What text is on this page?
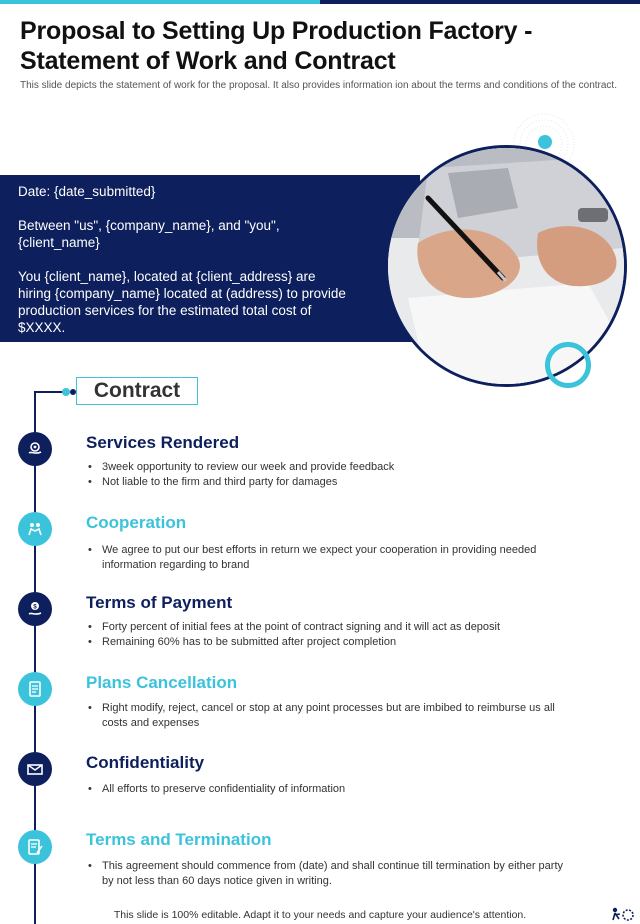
Proposal to Setting Up Production Factory -
Statement of Work and Contract
This slide depicts the statement of work for the proposal. It also provides information ion about the terms and conditions of the contract.
Date: {date_submitted}
Between "us", {company_name}, and "you", {client_name}
You {client_name}, located at {client_address} are hiring {company_name} located at (address) to provide production services for the estimated total cost of $XXXX.
Contract
Services Rendered
• 3week opportunity to review our week and provide feedback
• Not liable to the firm and third party for damages
Cooperation
• We agree to put our best efforts in return we expect your cooperation in providing needed information regarding to brand
$	Terms of Payment
• Forty percent of initial fees at the point of contract signing and it will act as deposit
• Remaining 60% has to be submitted after project completion
Plans Cancellation
• Right modify, reject, cancel or stop at any point processes but are imbibed to reimburse us all costs and expenses
Confidentiality
• All efforts to preserve confidentiality of information
Terms and Termination
• This agreement should commence from (date) and shall continue till termination by either party by not less than 60 days notice given in writing.
This slide is 100% editable. Adapt it to your needs and capture your audience's attention.
